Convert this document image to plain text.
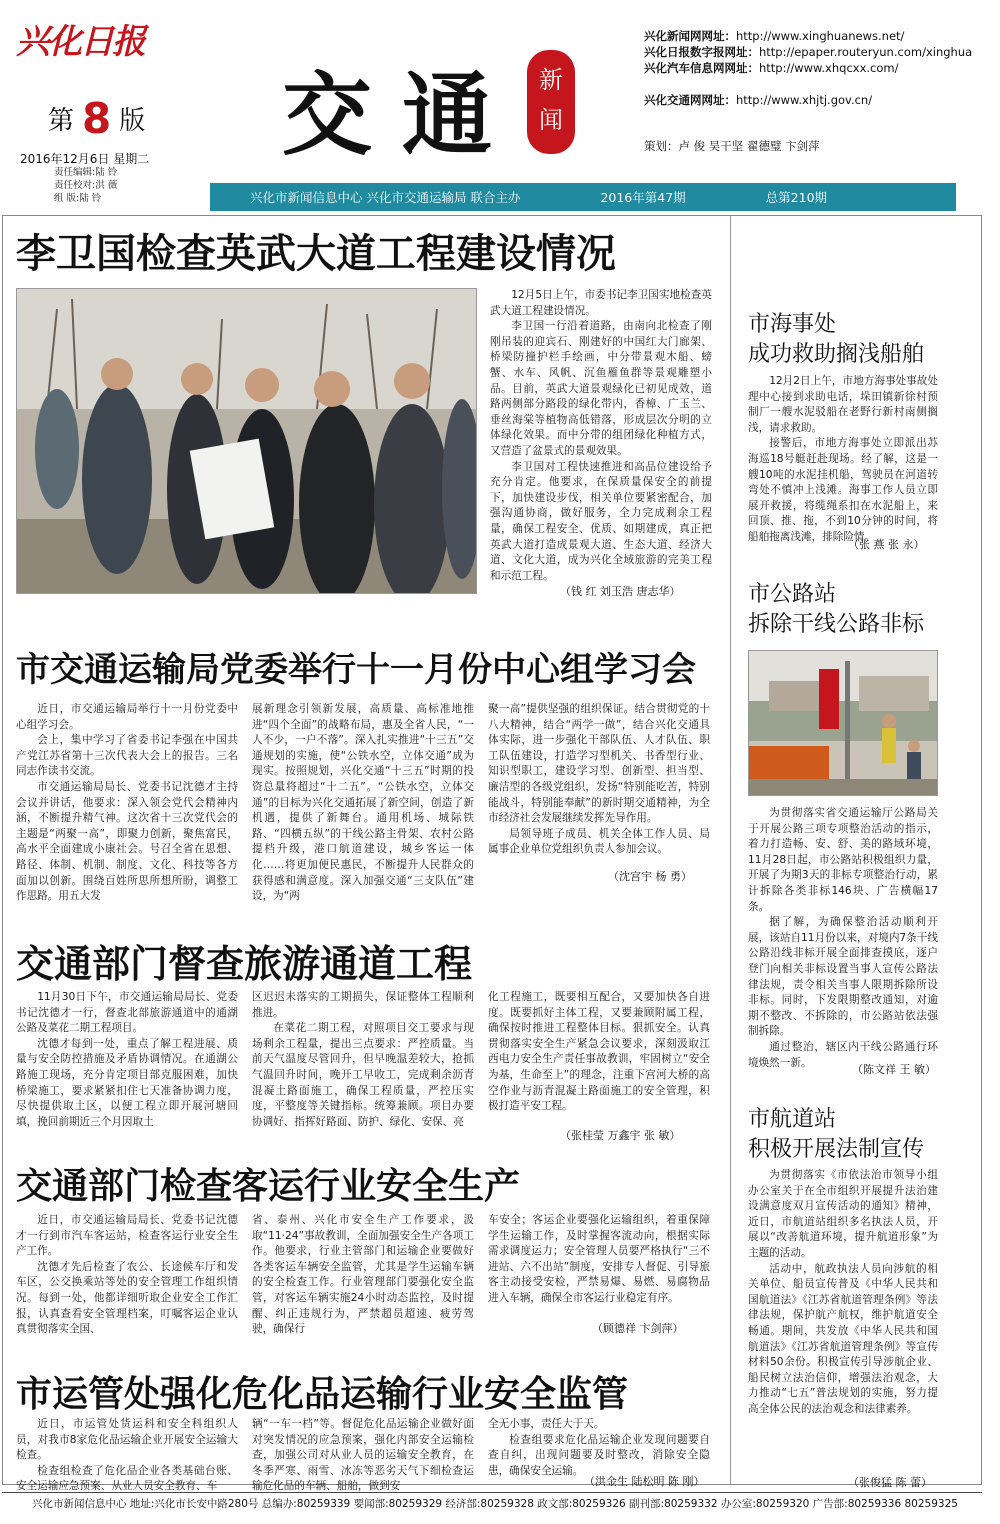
兴化日报
第 8 版
2016年12月6日 星期二
责任编辑:陆 铃
责任校对:洪 薇
组 版:陆 铃
交通 新闻
兴化新闻网网址：http://www.xinghuanews.net/
兴化日报数字报网址：http://epaper.routeryun.com/xinghua
兴化汽车信息网网址：http://www.xhqcxx.com/
兴化交通网网址：http://www.xhjtj.gov.cn/
策划：卢 俊 吴干坚 翟德璧 卞剑萍
兴化市新闻信息中心 兴化市交通运输局 联合主办	2016年第47期	总第210期
李卫国检查英武大道工程建设情况

12月5日上午，市委书记李卫国实地检查英武大道工程建设情况。

李卫国一行沿着道路，由南向北检查了刚刚吊装的迎宾石、刚建好的中国红大门廊架、桥梁防撞护栏手绘画，中分带景观木船、螃蟹、水车、风帆、沉鱼雁鱼群等景观雕塑小品。目前，英武大道景观绿化已初见成效，道路两侧部分路段的绿化带内，香樟、广玉兰、垂丝海棠等植物高低错落，形成层次分明的立体绿化效果。而中分带的组团绿化种植方式，又营造了盆景式的景观效果。

李卫国对工程快速推进和高品位建设给予充分肯定。他要求，在保质量保安全的前提下，加快建设步伐，相关单位要紧密配合，加强沟通协商，做好服务，全力完成剩余工程量，确保工程安全、优质、如期建成，真正把英武大道打造成景观大道、生态大道、经济大道、文化大道，成为兴化全域旅游的完美工程和示范工程。

（钱 红 刘玉浩 唐志华）
市交通运输局党委举行十一月份中心组学习会

近日，市交通运输局举行十一月份党委中心组学习会。

会上，集中学习了省委书记李强在中国共产党江苏省第十三次代表大会上的报告。三名同志作读书交流。

市交通运输局局长、党委书记沈德才主持会议并讲话，他要求：深入领会党代会精神内涵，不断提升精气神。这次省十三次党代会的主题是“两聚一高”，即聚力创新，聚焦富民，高水平全面建成小康社会。号召全省在思想、路径、体制、机制、制度、文化、科技等各方面加以创新。围绕百姓所思所想所盼，调整工作思路。用五大发

展新理念引领新发展，高质量、高标准地推进“四个全面”的战略布局，惠及全省人民，“一人不少，一户不落”。深入扎实推进“十三五”交通规划的实施，使“公铁水空，立体交通”成为现实。按照规划，兴化交通“十三五”时期的投资总量将超过“十二五”。“公铁水空，立体交通”的目标为兴化交通拓展了新空间，创造了新机遇，提供了新舞台。通用机场、城际铁路、“四横五纵”的干线公路主骨架、农村公路提档升级，港口航道建设，城乡客运一体化……将更加便民惠民，不断提升人民群众的获得感和满意度。深入加强交通“三支队伍”建设，为“两

聚一高”提供坚强的组织保证。结合贯彻党的十八大精神，结合“两学一做”，结合兴化交通具体实际，进一步强化干部队伍、人才队伍、职工队伍建设，打造学习型机关、书香型行业、知识型职工，建设学习型、创新型、担当型、廉洁型的各级党组织，发扬“特别能吃苦，特别能战斗，特别能奉献”的新时期交通精神，为全市经济社会发展继续发挥先导作用。

局领导班子成员、机关全体工作人员、局属事企业单位党组织负责人参加会议。

（沈宫宇 杨 勇）
交通部门督查旅游通道工程

11月30日下午，市交通运输局局长、党委书记沈德才一行，督查北部旅游通道中的通湖公路及菜花二期工程项目。

沈德才每到一处，重点了解工程进展、质量与安全防控措施及矛盾协调情况。在通湖公路施工现场，充分肯定项目部克服困难，加快桥梁施工，要求紧紧扣住七天准备协调力度，尽快提供取土区，以便工程立即开展河塘回填，挽回前期近三个月因取土

区迟迟未落实的工期损失，保证整体工程顺利推进。

在菜花二期工程，对照项目交工要求与现场剩余工程量，提出三点要求：严控质量。当前天气温度尽管回升，但早晚温差较大，抢抓气温回升时间，晚开工早收工，完成剩余沥青混凝土路面施工，确保工程质量，严控压实度，平整度等关键指标。统筹兼顾。项目办要协调好、指挥好路面、防护、绿化、安保、亮

化工程施工，既要相互配合，又要加快各自进度。既要抓好主体工程，又要兼顾附属工程，确保按时推进工程整体目标。狠抓安全。认真贯彻落实安全生产紧急会议要求，深刻汲取江西电力安全生产责任事故教训，牢固树立“安全为基，生命至上”的理念，注重下宫河大桥的高空作业与沥青混凝土路面施工的安全管理，积极打造平安工程。

（张桂莹 万鑫宇 张 敏）
交通部门检查客运行业安全生产

近日，市交通运输局局长、党委书记沈德才一行到市汽车客运站，检查客运行业安全生产工作。

沈德才先后检查了农公、长途候车厅和发车区，公交换乘站等处的安全管理工作组织情况。每到一处，他都详细听取企业安全工作汇报，认真查看安全管理档案，叮嘱客运企业认真贯彻落实全国、

省、泰州、兴化市安全生产工作要求，汲取“11·24”事故教训，全面加强安全生产各项工作。他要求，行业主管部门和运输企业要做好各类客运车辆安全监管，尤其是学生运输车辆的安全检查工作。行业管理部门要强化安全监管，对客运车辆实施24小时动态监控，及时提醒、纠正违规行为，严禁超员超速、疲劳驾驶，确保行

车安全；客运企业要强化运输组织，着重保障学生运输工作，及时掌握客流动向，根据实际需求调度运力；安全管理人员要严格执行“三不进站、六不出站”制度，安排专人督促、引导旅客主动接受安检，严禁易爆、易燃、易腐物品进入车辆，确保全市客运行业稳定有序。

（顾德祥 卞剑萍）
市运管处强化危化品运输行业安全监管

近日，市运管处货运科和安全科组织人员，对我市8家危化品运输企业开展安全运输大检查。

检查组检查了危化品企业各类基础台账、安全运输应急预案、从业人员安全教育、车

辆“一车一档”等。督促危化品运输企业做好面对突发情况的应急预案，强化内部安全运输检查，加强公司对从业人员的运输安全教育，在冬季严寒、雨雪、冰冻等恶劣天气下细检查运输危化品的车辆、船舶，做到安

全无小事，责任大于天。

检查组要求危化品运输企业发现问题要自查自纠，出现问题要及时整改，消除安全隐患，确保安全运输。

（洪金生 陆松明 陈 刚）
市海事处
成功救助搁浅船舶

12月2日上午，市地方海事处事故处理中心接到求助电话，垛田镇新徐村预制厂一艘水泥驳船在老野行新村南侧搁浅，请求救助。

接警后，市地方海事处立即派出苏海巡18号艇赶赴现场。经了解，这是一艘10吨的水泥挂机船，驾驶员在河道转弯处不慎冲上浅滩。海事工作人员立即展开救援，将缆绳系扣在水泥船上，来回顶、推、拖，不到10分钟的时间，将船舶拖离浅滩，排除险情。

（张 燕 张 永）
市公路站
拆除干线公路非标

为贯彻落实省交通运输厅公路局关于开展公路三项专项整治活动的指示，着力打造畅、安、舒、美的路域环境，11月28日起，市公路站积极组织力量，开展了为期3天的非标专项整治行动，累计拆除各类非标146块、广告横幅17条。

据了解，为确保整治活动顺利开展，该站自11月份以来，对境内7条干线公路沿线非标开展全面排查摸底，逐户登门向相关非标设置当事人宣传公路法律法规，责令相关当事人限期拆除所设非标。同时，下发限期整改通知，对逾期不整改、不拆除的，市公路站依法强制拆除。

通过整治，辖区内干线公路通行环境焕然一新。

（陈文祥 王 敏）
市航道站
积极开展法制宣传

为贯彻落实《市依法治市领导小组办公室关于在全市组织开展提升法治建设满意度双月宣传活动的通知》精神，近日，市航道站组织多名执法人员，开展以“改善航道环境，提升航道形象”为主题的活动。

活动中，航政执法人员向涉航的相关单位、船员宣传普及《中华人民共和国航道法》《江苏省航道管理条例》等法律法规，保护航产航权，维护航道安全畅通。期间，共发放《中华人民共和国航道法》《江苏省航道管理条例》等宣传材料50余份。积极宣传引导涉航企业、船民树立法治信仰，增强法治观念，大力推动“七五”普法规划的实施，努力提高全体公民的法治观念和法律素养。

（张俊猛 陈 蕾）
兴化市新闻信息中心 地址:兴化市长安中路280号 总编办:80259339 要闻部:80259329 经济部:80259328 政文部:80259326 副刊部:80259332 办公室:80259320 广告部:80259336 80259325
